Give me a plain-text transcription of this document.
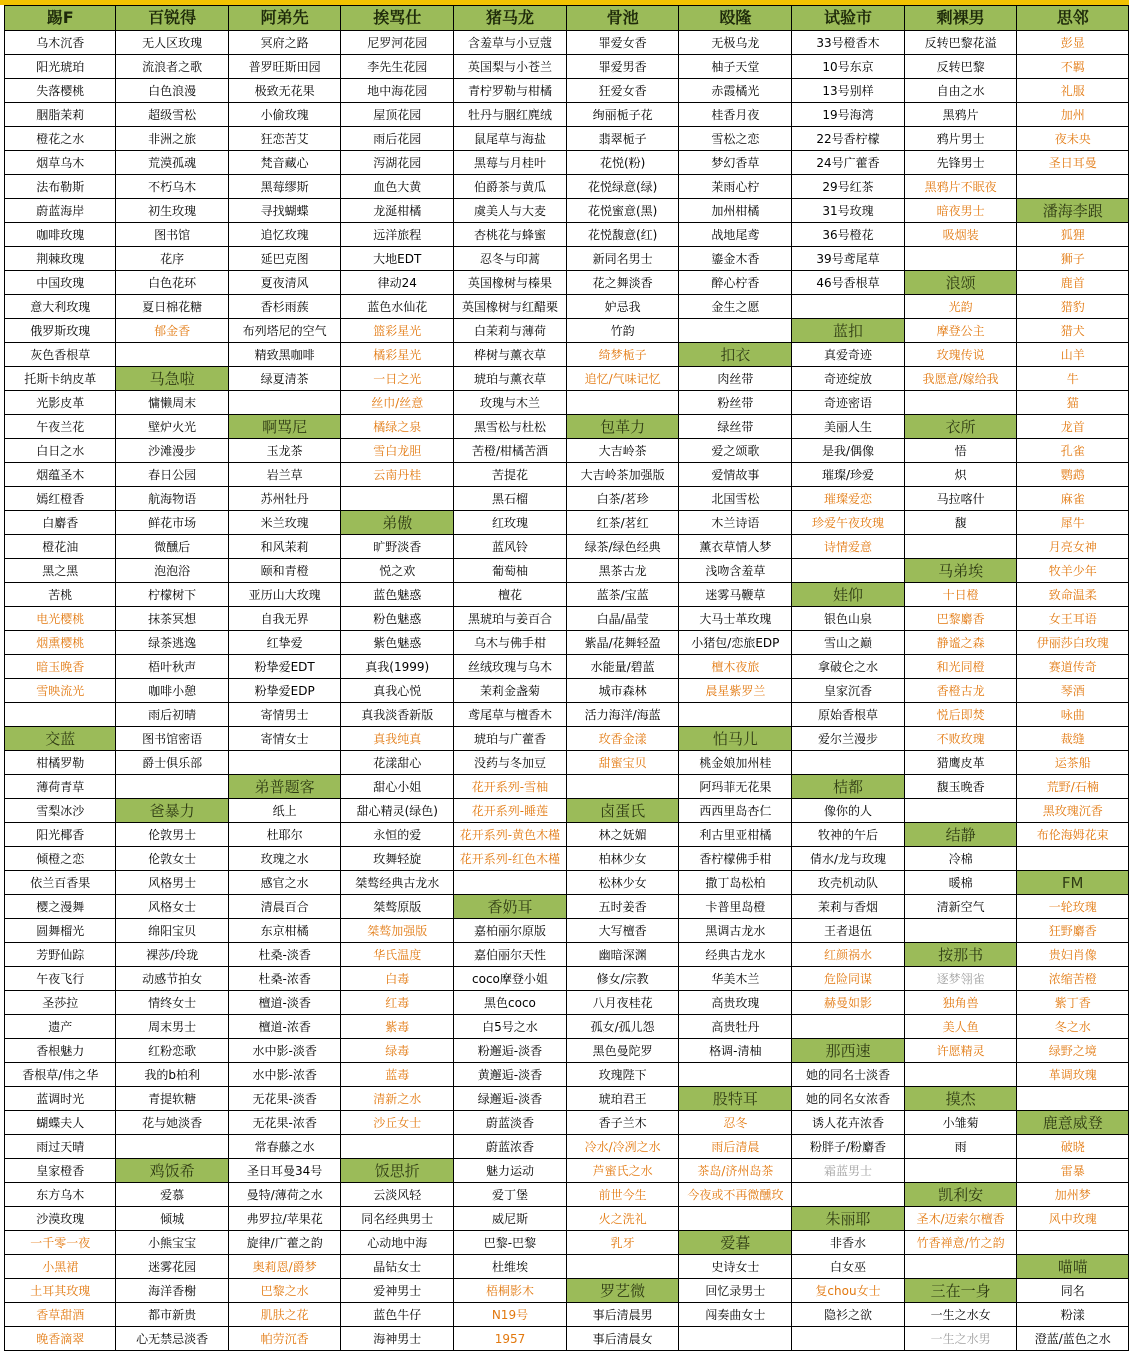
踢F	百锐得	阿弟先	挨骂仕	猪马龙	骨池	殴隆	试验市	剩裸男	思邻
乌木沉香	无人区玫瑰	冥府之路	尼罗河花园	含羞草与小豆蔻	罪爱女香	无极乌龙	33号橙香木	反转巴黎花溢	彭显
阳光琥珀	流浪者之歌	普罗旺斯田园	李先生花园	英国梨与小苍兰	罪爱男香	柚子天堂	10号东京	反转巴黎	不羁
失落樱桃	白色浪漫	极致无花果	地中海花园	青柠罗勒与柑橘	狂爱女香	赤霞橘光	13号别样	自由之水	礼服
胭脂茉莉	超级雪松	小偷玫瑰	屋顶花园	牡丹与胭红麂绒	绚丽栀子花	桂香月夜	19号海湾	黑鸦片	加州
橙花之水	非洲之旅	狂恋苦艾	雨后花园	鼠尾草与海盐	翡翠栀子	雪松之恋	22号香柠檬	鸦片男士	夜未央
烟草乌木	荒漠孤魂	梵音藏心	泻湖花园	黑莓与月桂叶	花悦(粉)	梦幻香草	24号广藿香	先锋男士	圣日耳曼
法布勒斯	不朽乌木	黑莓缪斯	血色大黄	伯爵茶与黄瓜	花悦绿意(绿)	茉雨心柠	29号红茶	黑鸦片不眠夜	
蔚蓝海岸	初生玫瑰	寻找蝴蝶	龙涎柑橘	虞美人与大麦	花悦蜜意(黑)	加州柑橘	31号玫瑰	暗夜男士	潘海李跟
咖啡玫瑰	图书馆	追忆玫瑰	远洋旅程	杏桃花与蜂蜜	花悦馥意(红)	战地尾鸢	36号橙花	吸烟装	狐狸
荆棘玫瑰	花序	延巴克图	大地EDT	忍冬与印蒿	新同名男士	鎏金木香	39号鸢尾草		狮子
中国玫瑰	白色花环	夏夜清风	律动24	英国橡树与榛果	花之舞淡香	醉心柠香	46号香根草	浪颂	鹿首
意大利玫瑰	夏日棉花糖	香杉雨蔟	蓝色水仙花	英国橡树与红醋栗	妒忌我	金生之愿		光韵	猎豹
俄罗斯玫瑰	郁金香	布列塔尼的空气	篮彩星光	白茉莉与薄荷	竹韵		蓝扣	摩登公主	猎犬
灰色香根草		精致黑咖啡	橘彩星光	桦树与薰衣草	绮梦栀子	扣衣	真爱奇迹	玫瑰传说	山羊
托斯卡纳皮革	马急啦	绿夏清茶	一日之光	琥珀与薰衣草	追忆/气味记忆	肉丝带	奇迹绽放	我愿意/嫁给我	牛
光影皮革	慵懒周末		丝巾/丝意	玫瑰与木兰		粉丝带	奇迹密语		猫
午夜兰花	壁炉火光	啊骂尼	橘绿之泉	黑雪松与杜松	包革力	绿丝带	美丽人生	衣所	龙首
白日之水	沙滩漫步	玉龙茶	雪白龙胆	苦橙/柑橘苦酒	大吉岭茶	爱之颂歌	是我/偶像	悟	孔雀
烟蕴圣木	春日公园	岩兰草	云南丹桂	苦提花	大吉岭茶加强版	爱情故事	璀璨/珍爱	炽	鹦鹉
嫣红橙香	航海物语	苏州牡丹		黑石榴	白茶/茗珍	北国雪松	璀璨爱恋	马拉喀什	麻雀
白麝香	鲜花市场	米兰玫瑰	弟傲	红玫瑰	红茶/茗红	木兰诗语	珍爱午夜玫瑰	馥	犀牛
橙花油	微醺后	和风茉莉	旷野淡香	蓝风铃	绿茶/绿色经典	薰衣草情人梦	诗情爱意		月亮女神
黑之黑	泡泡浴	颐和青橙	悦之欢	葡萄柚	黑茶古龙	浅吻含羞草		马弟埃	牧羊少年
苦桃	柠檬树下	亚历山大玫瑰	蓝色魅惑	檀花	蓝茶/宝蓝	迷雾马鞭草	娃仰	十日橙	致命温柔
电光樱桃	抹茶冥想	自我无界	粉色魅惑	黑琥珀与姜百合	白晶/晶莹	大马士革玫瑰	银色山泉	巴黎麝香	女王耳语
烟熏樱桃	绿茶逃逸	红挚爱	紫色魅惑	乌木与佛手柑	紫晶/花舞轻盈	小猪包/恋旅EDP	雪山之巅	静谧之森	伊丽莎白玫瑰
暗玉晚香	梧叶秋声	粉挚爱EDT	真我(1999)	丝绒玫瑰与乌木	水能量/碧蓝	檀木夜旅	拿破仑之水	和光同橙	赛道传奇
雪映流光	咖啡小憩	粉挚爱EDP	真我心悦	茉莉金盏菊	城市森林	晨星紫罗兰	皇家沉香	香橙古龙	琴酒
	雨后初晴	寄情男士	真我淡香新版	鸢尾草与檀香木	活力海洋/海蓝		原始香根草	悦后即焚	咏曲
交蓝	图书馆密语	寄情女士	真我纯真	琥珀与广藿香	玫香金漾	怕马儿	爱尔兰漫步	不败玫瑰	裁缝
柑橘罗勒	爵士俱乐部		花漾甜心	没药与冬加豆	甜蜜宝贝	桃金娘加州桂		猎鹰皮革	运茶船
薄荷青草		弟普题客	甜心小姐	花开系列-雪柚		阿玛菲无花果	桔都	馥玉晚香	荒野/石楠
雪梨冰沙	爸暴力	纸上	甜心精灵(绿色)	花开系列-睡莲	卤蛋氏	西西里岛杏仁	像你的人		黑玫瑰沉香
阳光椰香	伦敦男士	杜耶尔	永恒的爱	花开系列-黄色木槿	林之妩媚	利古里亚柑橘	牧神的午后	结静	布伦海姆花束
倾橙之恋	伦敦女士	玫瑰之水	玫舞轻旋	花开系列-红色木槿	柏林少女	香柠檬佛手柑	倩水/龙与玫瑰	冷棉	
依兰百香果	风格男士	感官之水	桀骜经典古龙水		松林少女	撒丁岛松柏	玫壳机动队	暖棉	FM
樱之漫舞	风格女士	清晨百合	桀骜原版	香奶耳	五时姜香	卡普里岛橙	茉莉与香烟	清新空气	一轮玫瑰
圆舞榴光	绵阳宝贝	东京柑橘	桀骜加强版	嘉柏丽尔原版	大写檀香	黑调古龙水	王者退伍		狂野麝香
芳野仙踪	裸莎/玲珑	杜桑-淡香	华氏温度	嘉伯丽尔天性	幽暗深渊	经典古龙水	红颜祸水	按那书	贵妇肖像
午夜飞行	动感节拍女	杜桑-浓香	白毒	coco摩登小姐	修女/宗教	华美木兰	危险同谋	逐梦翎雀	浓缩苦橙
圣莎拉	情终女士	檀道-淡香	红毒	黑色coco	八月夜桂花	高贵玫瑰	赫曼如影	独角兽	紫丁香
遗产	周末男士	檀道-浓香	紫毒	白5号之水	孤女/孤儿怨	高贵牡丹		美人鱼	冬之水
香根魅力	红粉恋歌	水中影-淡香	绿毒	粉邂逅-淡香	黑色曼陀罗	格调-清柚	那西速	许愿精灵	绿野之境
香根草/伟之华	我的b柏利	水中影-浓香	蓝毒	黄邂逅-淡香	玫瑰陛下		她的同名士淡香		革调玫瑰
蓝调时光	青提软糖	无花果-淡香	清新之水	绿邂逅-淡香	琥珀君王	股特耳	她的同名女浓香	摸杰	
蝴蝶夫人	花与她淡香	无花果-浓香	沙丘女士	蔚蓝淡香	香子兰木	忍冬	诱人花卉浓香	小雏菊	鹿意威登
雨过天晴		常春藤之水		蔚蓝浓香	冷水/冷冽之水	雨后清晨	粉胖子/粉麝香	雨	破晓
皇家橙香	鸡饭希	圣日耳曼34号	饭思折	魅力运动	芦蜜氏之水	茶岛/济州岛茶	霜蓝男士		雷暴
东方乌木	爱慕	曼特/薄荷之水	云淡风轻	爱丁堡	前世今生	今夜或不再微醺玫		凯利安	加州梦
沙漠玫瑰	倾城	弗罗拉/苹果花	同名经典男士	威尼斯	火之洗礼		朱丽耶	圣木/迈索尔檀香	风中玫瑰
一千零一夜	小熊宝宝	旋律/广藿之韵	心动地中海	巴黎-巴黎	乳牙	爱暮	非香水	竹香禅意/竹之韵	
小黑裙	迷雾花园	奥莉恩/爵梦	晶钻女士	杜维埃		史诗女士	白女巫		喵喵
土耳其玫瑰	海洋香榭	巴黎之水	爱神男士	梧桐影木	罗艺微	回忆录男士	复chou女士	三在一身	同名
香草甜酒	都市新贵	肌肤之花	蓝色牛仔	N19号	事后清晨男	闯奏曲女士	隐衫之欲	一生之水女	粉漾
晚香滴翠	心无禁忌淡香	帕劳沉香	海神男士	1957	事后清晨女			一生之水男	澄蓝/蓝色之水
